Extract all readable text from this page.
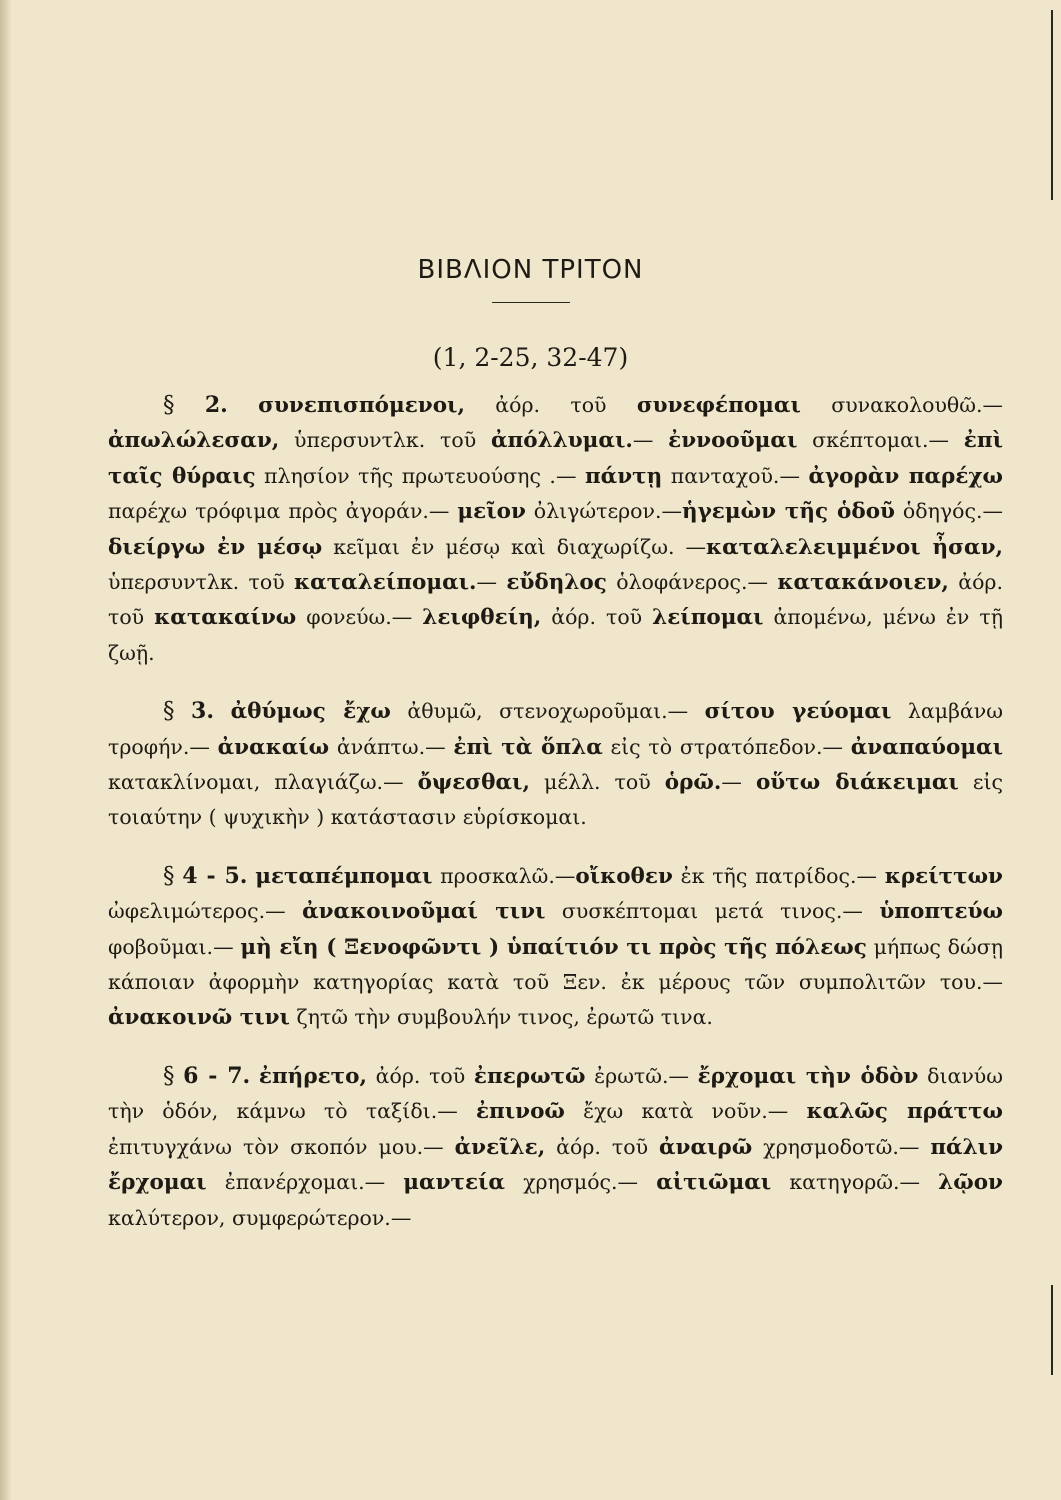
ΒΙΒΛΙΟΝ ΤΡΙΤΟΝ
(1, 2-25, 32-47)

§ 2. συνεπισπόμενοι, ἀόρ. τοῦ συνεφέπομαι συνακολουθῶ.— ἀπωλώλεσαν, ὑπερσυντλκ. τοῦ ἀπόλλυμαι.— ἐννοοῦμαι σκέπτομαι.— ἐπὶ ταῖς θύραις πλησίον τῆς πρωτευούσης .— πάντῃ πανταχοῦ.— ἀγορὰν παρέχω παρέχω τρόφιμα πρὸς ἀγοράν.— μεῖον ὀλιγώτερον.—ἡγεμὼν τῆς ὁδοῦ ὁδηγός.— διείργω ἐν μέσῳ κεῖμαι ἐν μέσῳ καὶ διαχωρίζω. —καταλελειμμένοι ἦσαν, ὑπερσυντλκ. τοῦ καταλείπομαι.— εὔδηλος ὁλοφάνερος.— κατακάνοιεν, ἀόρ. τοῦ κατακαίνω φονεύω.— λειφθείη, ἀόρ. τοῦ λείπομαι ἀπομένω, μένω ἐν τῇ ζωῇ.

§ 3. ἀθύμως ἔχω ἀθυμῶ, στενοχωροῦμαι.— σίτου γεύομαι λαμβάνω τροφήν.— ἀνακαίω ἀνάπτω.— ἐπὶ τὰ ὅπλα εἰς τὸ στρατόπεδον.— ἀναπαύομαι κατακλίνομαι, πλαγιάζω.— ὄψεσθαι, μέλλ. τοῦ ὁρῶ.— οὕτω διάκειμαι εἰς τοιαύτην ( ψυχικὴν ) κατάστασιν εὑρίσκομαι.

§ 4 - 5. μεταπέμπομαι προσκαλῶ.—οἴκοθεν ἐκ τῆς πατρίδος.— κρείττων ὠφελιμώτερος.— ἀνακοινοῦμαί τινι συσκέπτομαι μετά τινος.— ὑποπτεύω φοβοῦμαι.— μὴ εἴη ( Ξενοφῶντι ) ὑπαίτιόν τι πρὸς τῆς πόλεως μήπως δώσῃ κάποιαν ἀφορμὴν κατηγορίας κατὰ τοῦ Ξεν. ἐκ μέρους τῶν συμπολιτῶν του.— ἀνακοινῶ τινι ζητῶ τὴν συμβουλήν τινος, ἐρωτῶ τινα.

§ 6 - 7. ἐπήρετο, ἀόρ. τοῦ ἐπερωτῶ ἐρωτῶ.— ἔρχομαι τὴν ὁδὸν διανύω τὴν ὁδόν, κάμνω τὸ ταξίδι.— ἐπινοῶ ἔχω κατὰ νοῦν.— καλῶς πράττω ἐπιτυγχάνω τὸν σκοπόν μου.— ἀνεῖλε, ἀόρ. τοῦ ἀναιρῶ χρησμοδοτῶ.— πάλιν ἔρχομαι ἐπανέρχομαι.— μαντεία χρησμός.— αἰτιῶμαι κατηγορῶ.— λῷον καλύτερον, συμφερώτερον.—
